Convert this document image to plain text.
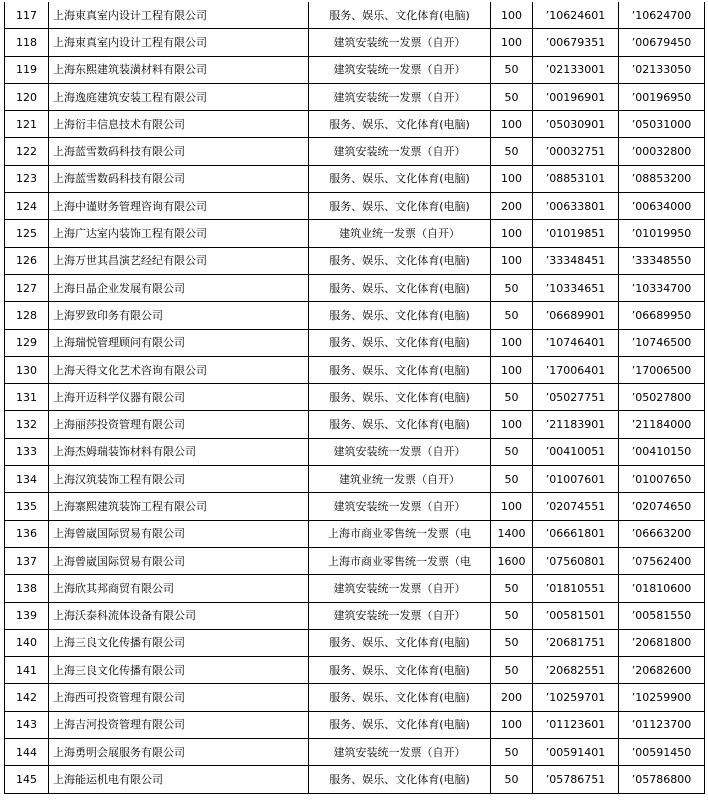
117	上海束真室内设计工程有限公司	服务、娱乐、文化体育(电脑)	100	’10624601	’10624700
118	上海束真室内设计工程有限公司	建筑安装统一发票（自开）	100	’00679351	’00679450
119	上海东熙建筑装潢材料有限公司	建筑安装统一发票（自开）	50	’02133001	’02133050
120	上海逸庭建筑安装工程有限公司	建筑安装统一发票（自开）	50	’00196901	’00196950
121	上海衍丰信息技术有限公司	服务、娱乐、文化体育(电脑)	100	’05030901	’05031000
122	上海蓝雪数码科技有限公司	建筑安装统一发票（自开）	50	’00032751	’00032800
123	上海蓝雪数码科技有限公司	服务、娱乐、文化体育(电脑)	100	’08853101	’08853200
124	上海中谨财务管理咨询有限公司	服务、娱乐、文化体育(电脑)	200	’00633801	’00634000
125	上海广达室内装饰工程有限公司	建筑业统一发票（自开）	100	’01019851	’01019950
126	上海万世其昌演艺经纪有限公司	服务、娱乐、文化体育(电脑)	100	’33348451	’33348550
127	上海日晶企业发展有限公司	服务、娱乐、文化体育(电脑)	50	’10334651	’10334700
128	上海罗致印务有限公司	服务、娱乐、文化体育(电脑)	50	’06689901	’06689950
129	上海瑞悦管理顾问有限公司	服务、娱乐、文化体育(电脑)	100	’10746401	’10746500
130	上海天得文化艺术咨询有限公司	服务、娱乐、文化体育(电脑)	100	’17006401	’17006500
131	上海开迈科学仪器有限公司	服务、娱乐、文化体育(电脑)	50	’05027751	’05027800
132	上海丽莎投资管理有限公司	服务、娱乐、文化体育(电脑)	100	’21183901	’21184000
133	上海杰姆瑞装饰材料有限公司	建筑安装统一发票（自开）	50	’00410051	’00410150
134	上海汉筑装饰工程有限公司	建筑业统一发票（自开）	50	’01007601	’01007650
135	上海寨熙建筑装饰工程有限公司	建筑安装统一发票（自开）	100	’02074551	’02074650
136	上海曾崴国际贸易有限公司	上海市商业零售统一发票（电	1400	’06661801	’06663200
137	上海曾崴国际贸易有限公司	上海市商业零售统一发票（电	1600	’07560801	’07562400
138	上海欣其邦商贸有限公司	建筑安装统一发票（自开）	50	’01810551	’01810600
139	上海沃泰科流体设备有限公司	建筑安装统一发票（自开）	50	’00581501	’00581550
140	上海三良文化传播有限公司	服务、娱乐、文化体育(电脑)	50	’20681751	’20681800
141	上海三良文化传播有限公司	服务、娱乐、文化体育(电脑)	50	’20682551	’20682600
142	上海西可投资管理有限公司	服务、娱乐、文化体育(电脑)	200	’10259701	’10259900
143	上海吉河投资管理有限公司	服务、娱乐、文化体育(电脑)	100	’01123601	’01123700
144	上海勇明会展服务有限公司	建筑安装统一发票（自开）	50	’00591401	’00591450
145	上海能运机电有限公司	服务、娱乐、文化体育(电脑)	50	’05786751	’05786800
